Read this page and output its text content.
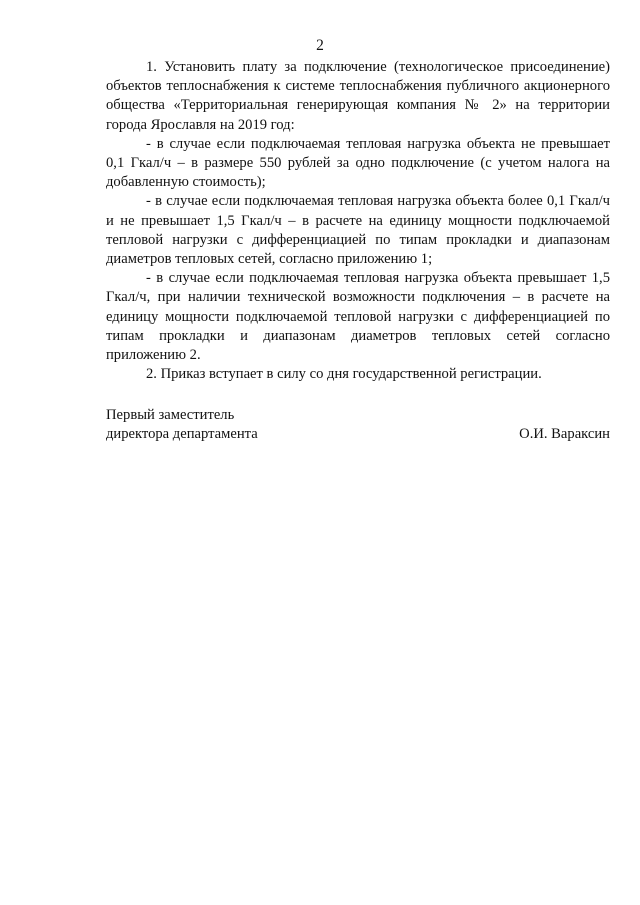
2

1. Установить плату за подключение (технологическое присоединение) объектов теплоснабжения к системе теплоснабжения публичного акционерного общества «Территориальная генерирующая компания № 2» на территории города Ярославля на 2019 год:

- в случае если подключаемая тепловая нагрузка объекта не превышает 0,1 Гкал/ч – в размере 550 рублей за одно подключение (с учетом налога на добавленную стоимость);

- в случае если подключаемая тепловая нагрузка объекта более 0,1 Гкал/ч и не превышает 1,5 Гкал/ч – в расчете на единицу мощности подключаемой тепловой нагрузки с дифференциацией по типам прокладки и диапазонам диаметров тепловых сетей, согласно приложению 1;

- в случае если подключаемая тепловая нагрузка объекта превышает 1,5 Гкал/ч, при наличии технической возможности подключения – в расчете на единицу мощности подключаемой тепловой нагрузки с дифференциацией по типам прокладки и диапазонам диаметров тепловых сетей согласно приложению 2.

2. Приказ вступает в силу со дня государственной регистрации.

Первый заместитель
директора департамента	О.И. Вараксин
